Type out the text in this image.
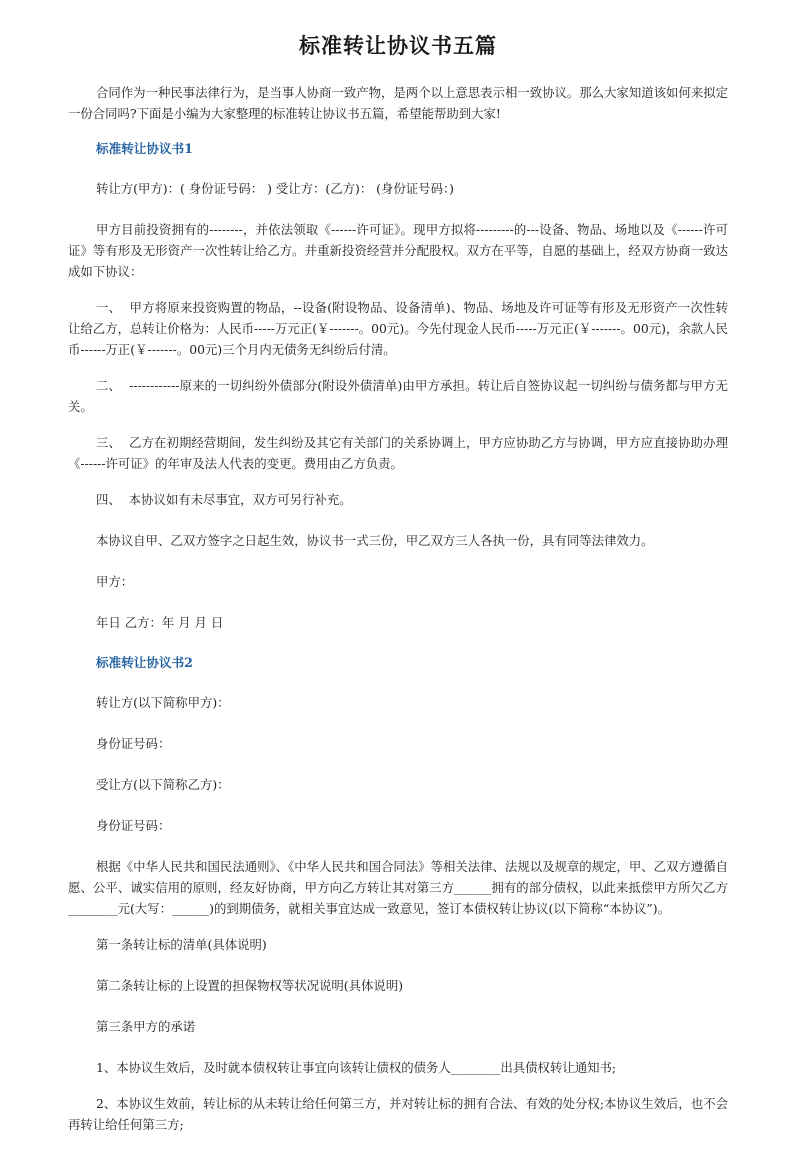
标准转让协议书五篇
合同作为一种民事法律行为，是当事人协商一致产物，是两个以上意思表示相一致协议。那么大家知道该如何来拟定一份合同吗?下面是小编为大家整理的标准转让协议书五篇，希望能帮助到大家!
标准转让协议书1
转让方(甲方)：( 身份证号码： ) 受让方：(乙方)： (身份证号码：)
甲方目前投资拥有的--------，并依法领取《------许可证》。现甲方拟将---------的---设备、物品、场地以及《------许可证》等有形及无形资产一次性转让给乙方。并重新投资经营并分配股权。双方在平等，自愿的基础上，经双方协商一致达成如下协议：
一、  甲方将原来投资购置的物品，--设备(附设物品、设备清单)、物品、场地及许可证等有形及无形资产一次性转让给乙方，总转让价格为：人民币-----万元正(￥-------。00元)。今先付现金人民币-----万元正(￥-------。00元)，余款人民币------万正(￥-------。00元)三个月内无债务无纠纷后付清。
二、  ------------原来的一切纠纷外债部分(附设外债清单)由甲方承担。转让后自签协议起一切纠纷与债务都与甲方无关。
三、  乙方在初期经营期间，发生纠纷及其它有关部门的关系协调上，甲方应协助乙方与协调，甲方应直接协助办理《------许可证》的年审及法人代表的变更。费用由乙方负责。
四、  本协议如有未尽事宜，双方可另行补充。
本协议自甲、乙双方签字之日起生效，协议书一式三份，甲乙双方三人各执一份，具有同等法律效力。
甲方：
年日 乙方：年 月 月 日
标准转让协议书2
转让方(以下简称甲方)：
身份证号码：
受让方(以下简称乙方)：
身份证号码：
根据《中华人民共和国民法通则》、《中华人民共和国合同法》等相关法律、法规以及规章的规定，甲、乙双方遵循自愿、公平、诚实信用的原则，经友好协商，甲方向乙方转让其对第三方______拥有的部分债权，以此来抵偿甲方所欠乙方________元(大写：______)的到期债务，就相关事宜达成一致意见，签订本债权转让协议(以下简称“本协议”)。
第一条转让标的清单(具体说明)
第二条转让标的上设置的担保物权等状况说明(具体说明)
第三条甲方的承诺
1、本协议生效后，及时就本债权转让事宜向该转让债权的债务人________出具债权转让通知书;
2、本协议生效前，转让标的从未转让给任何第三方，并对转让标的拥有合法、有效的处分权;本协议生效后，也不会再转让给任何第三方;
